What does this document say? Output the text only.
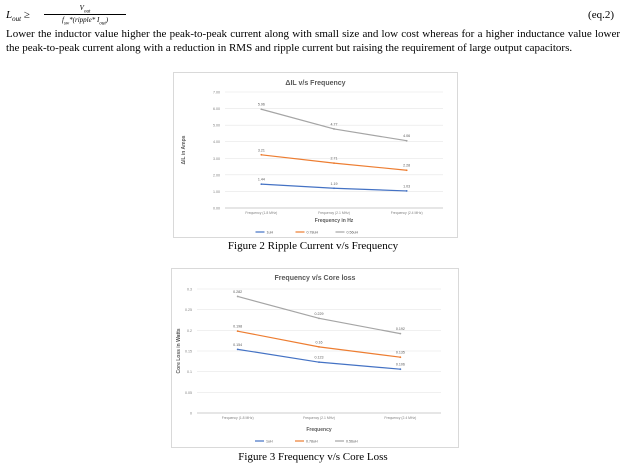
$L_{out}$ ≥
$V_{out}$
$f_{sw}*(ripple*$ $I_{out}$)	(eq.2)

Lower the inductor value higher the peak-to-peak current along with small size and low cost whereas for a higher inductance value lower the peak-to-peak current along with a reduction in RMS and ripple current but raising the requirement of large output capacitors.

ΔIL v/s Frequency
0.00
1.00
2.00
3.00
4.00
5.00
6.00
7.00
Frequency (1.8 MHz)	Frequency (2.1 MHz)	Frequency (2.4 MHz)
Frequency in Hz
ΔIL in Amps
1.44
1.19
1.03
3.21
2.71
2.28
5.96
4.77
4.06
1uH	0.78uH	0.56uH
Figure 2 Ripple Current v/s Frequency
Frequency v/s Core loss
0
0.05
0.1
0.15
0.2
0.25
0.3
Frequency (1.8 MHz)	Frequency (2.1 MHz)	Frequency (2.4 MHz)
Frequency
Core Loss in Watts	0.154
0.123
0.106
0.198
0.16
0.135
0.282
0.229
0.192
1uH	0.78uH	0.56uH
Figure 3 Frequency v/s Core Loss
